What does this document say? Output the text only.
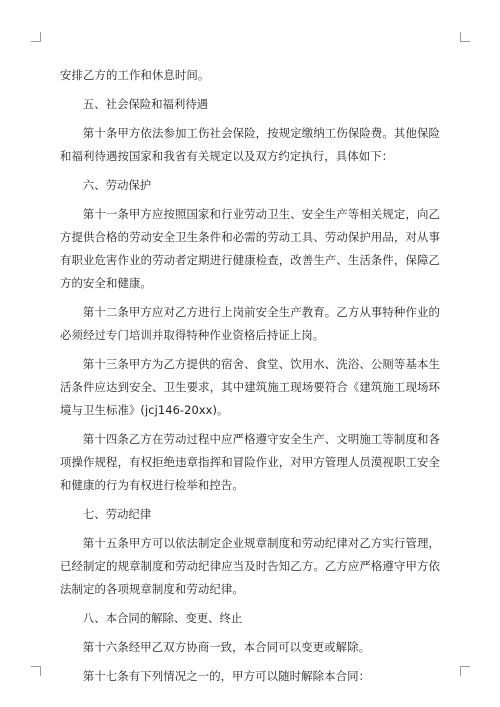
安排乙方的工作和休息时间。

五、社会保险和福利待遇

第十条甲方依法参加工伤社会保险，按规定缴纳工伤保险费。其他保险和福利待遇按国家和我省有关规定以及双方约定执行，具体如下：

六、劳动保护

第十一条甲方应按照国家和行业劳动卫生、安全生产等相关规定，向乙方提供合格的劳动安全卫生条件和必需的劳动工具、劳动保护用品，对从事有职业危害作业的劳动者定期进行健康检查，改善生产、生活条件，保障乙方的安全和健康。

第十二条甲方应对乙方进行上岗前安全生产教育。乙方从事特种作业的必须经过专门培训并取得特种作业资格后持证上岗。

第十三条甲方为乙方提供的宿舍、食堂、饮用水、洗浴、公厕等基本生活条件应达到安全、卫生要求，其中建筑施工现场要符合《建筑施工现场环境与卫生标准》(jcj146-20xx)。

第十四条乙方在劳动过程中应严格遵守安全生产、文明施工等制度和各项操作规程，有权拒绝违章指挥和冒险作业，对甲方管理人员漠视职工安全和健康的行为有权进行检举和控告。

七、劳动纪律

第十五条甲方可以依法制定企业规章制度和劳动纪律对乙方实行管理，已经制定的规章制度和劳动纪律应当及时告知乙方。乙方应严格遵守甲方依法制定的各项规章制度和劳动纪律。

八、本合同的解除、变更、终止

第十六条经甲乙双方协商一致，本合同可以变更或解除。

第十七条有下列情况之一的，甲方可以随时解除本合同：
